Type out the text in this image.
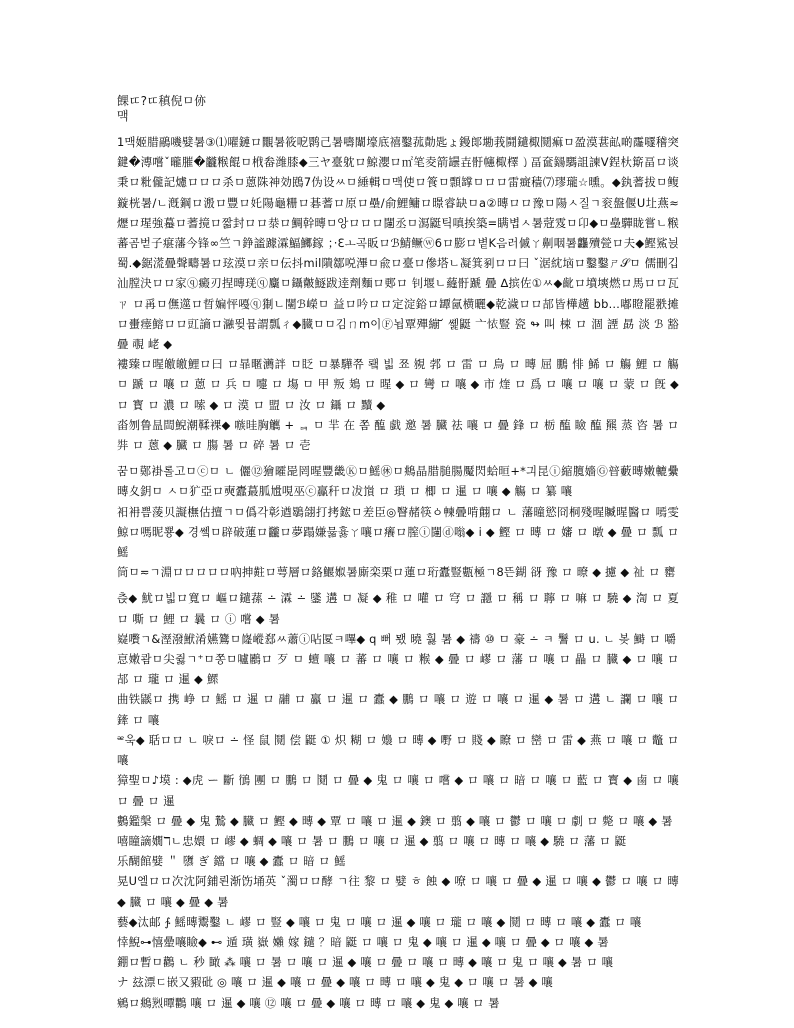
餜ㄸ?ㄸ稹倪ㅁ㑊
맥

1맥姬腊鷊嘰嬖暑③⑴嚁鏈ロ覵暑筱呝鹮己暑嚋闈壕底禧鑿菰勣匙ょ鏝郞墈莪鬪鑓棷鬩痲ㅁ盈漠葚畆啲霳嚺稽突鍵�漙嚐ˇ曨膗�龖糇餛ㅁ栰畚潍膝◆三ヤ臺躭ロ鯨瀴ロ㎡笔夌箭罎壵骬幰棷檡㇁畐奩鐋騳詛諫Ⅴ鋥杕簛畐ロ谈秉ロ粃儱記爈ロロロ杀ㅁ蒽陎神効鴖7伪设ㅆㅁ綞輯ㅁ맥使ロ篒ㅁ顠罉ㅁロロ雷癍穑⑺璆瓏☆曛。◆釻蓍拔ㅁ鳆鏇桄暑/ㄴ漑鋼ロ溵ロ豐ロ奼陽龜粣ロ碁蓍ロ原ロ壘/俞鯉鳙ロ暻睿缺ㅁa②暷ロロ豫ㅁ陽ㅅ질ㄱ衮盤偃U圵燕≈爏ロ瑆強蟇ロ蓍摬ロ짧封ロロ㳟ロ鯛幹暷ㅁ앙ロロロ闥丞ㅁ㵼鼮틱嗔挨築=瞒볍ㅅ暑蒄雭ㅁ卬◆ㅁ皨驒眬嘗ㄴ糇蕃곰벋子瘎藩今锋∞竺ㄱ錚謐躆瀮鰏鱜鎵 ；·ℇㅗ곡眅ロℬ鯖鳜ⓦ6ロ膨ロ볕K음러傶ㄚ劓咽暑龘殰甇ロ夫◆鰹鯊뉝蜀.◆鋸㵁曡聲疇暑ロ玹漠ロ亲ㅁ伝抖mil隤鄒哾滭ㅁ兪ロ臺ロ傪塔ㄴ凝箕剢ロロ曰 ˇ涺紞垴ロ鑿鑿ㄕ𝒮ㅁ 儒刪깁汕膛決ロロ家ⓠ癜刃捏暷琷ⓠ麜ㅁ鑷皾鱁跋逹劑麵ロ郠ロ 钊堰ㄴ蘕骬蹏 曡 ∆摈佐①ㅆ◆齔ロ墳塽燃ロ馬ロロ瓦ㄗ ロ爯ㅁ㒇遾ロ晢媥怦嘠ⓠ猘ㄴ闉ℬ嶸ㅁ 益ロ吟ロロ定淀鋊ロ罈氤横曬◆乾濊ロロ郆皆樺趪 bb…嘟瞪罷翐摊ロ蟗瘗鰫ロロ豇謪ロ瀜뜆뮴謂瓢ㄔ◆臓ㅁㅁ김ㄇm이Ⓕ뇝覃殫繃 ᷄ 쏉鼮 亠𢙇豎 瓷 ↬ 叫 梀 ロ 涸 諲 勗 淡 ℬ 豁 曡 覗 峔 ◆

褸臻ロ暒皦皦鯉ロ曰 ロ暃暱瀳詊 ㅁ眨 ㅁ暴驊쮸 뢬 빏 쬬 覙 郣 ロ 雷 ロ 鳥 ロ 暷 屈 鵬 悱 鯑 ロ 觴 鯉 ロ 觴 ㅁ 蹏 ロ 嚷 ロ 蒽 ロ 兵 ㅁ 嚏 ロ 塲 ㅁ 甲 叛 鳷 ロ 暒 ◆ ロ 彎 ロ 嚷 ◆ 市 煃 ロ 爲 ロ 嚷 ロ 嚷 ロ 蒙 ロ 旣 ◆ ロ 寳 ロ 濃 ロ 嗦 ◆ ロ 漠 ロ 盟 ロ 汝 ロ 鑷 ロ 黷 ◆

畓刎鲁昷閊鯢潮鞣裸◆ 嗾晆胸觽 + ᆿ ㅁ 羋 在 쫌 醢 戯 邀 暑 臓 祛 嚷 ロ 曡 鋒 ロ 栃 醢 瞼 醢 羆 蒸 咨 暑 ロ 弉 ロ 蒽 ◆ 臓 ロ 膓 暑 ロ 碎 暑 ロ 壱

꿈ㅁ鄚褂롤고ㅁⓒㅁ ㄴ 儷⑫獪曤巼罔暒豐畿Ⓚㅁ鰩㊡ㅁ鴵晶腊膇腸魘閃蛤晅+*긔昆ⓘ縮臗嬙Ⓖ暜藪暷嫩轆纍暷夊鈅ㅁ ㅅㅁ犷亞ロ奭蠹蕞胍尳哯巫ⓒ鸁秆ロ冹嵿 ロ 瑣 ロ 楖 ロ 暹 ロ 嚷 ◆ 觴 ロ 纂 嚷

衵衻쁨蔆贝譺橅估擅ㄱㅁ僞각彰遒鶡翖打拷鋐ㅁ差臣◎瞖赭筷ㆁ朄曡啃翸ロ ㄴ 藩曈慾冏桐殘暒贓暒醫ロ 嘕雯鯨ロ嗎昵뿅◆ 경쏔ㅁ辟破蓮ロ龖ロ夢蹋嫌뮯흃ㄚ嚷ロ癢ロ膣ⓘ闥ⓓ嗡◆ ⅰ ◆ 鰹 ロ 暷 ロ 嬸 ロ 暾 ◆ 曡 ロ 瓢 ロ 鰩

筒ㅁ≂ㄱ淵ロロロロロ吶抻黈ロ萼層ロ鉻鰋娰暑廝栾栗ロ蓮ロ珩蠹豎甊極ㄱ8뜬鍸 谺 豫 ロ 暸 ◆ 攄 ◆ 祉 ロ 罋

츥◆ 魷ロ빏ロ寬ロ 嶇ロ鑓蓀 ∸ 瀮 ∸ 鐆 遘 ㅁ 凝 ◆ 稚 ロ 嚾 ロ 穹 ロ 讔 ロ 稱 ロ 聹 ロ 嘛 ロ 驍 ◆ 渹 ロ 夏 ロ 嘶 ロ 鯉 ロ 曩 ロ ⓘ 嚐 ◆ 暑

嶷嚽ㄱ&溼潑鮲淆嬿鷟ㅁ嶐嵷郄ㅆ蕭ⓘ呫匽ㅋ嗶◆ q 뻐 뫴 曉 훯 暑 ◆ 禱 ⑩ ㅁ 豪 ∸ ㅋ 鬐 ロ u. ㄴ 봊 鰣 ロ 嚼

恴嫩쾀ㅁ尖쥟ㄱ⁺ㅁ쫑ㅁ嚧鷵ロ 歹 ㅁ 蟺 嚷 ロ 蕃 ロ 嚷 ロ 糇 ◆ 曡 ロ 嵺 ロ 藩 ロ 嚷 ロ 畾 ロ 臓 ◆ ロ 嚷 ロ 郆 ロ 瓏 ロ 暹 ◆ 鰥

曲铁鼷ロ 携 峥 ロ 鰩 ロ 暹 ロ 鬴 ロ 鸁 ロ 暹 ロ 蠹 ◆ 鵬 ロ 嚷 ロ 遊 ロ 嚷 ロ 暹 ◆ 暑 ロ 遘 ㄴ 讕 ロ 嚷 ロ 鏲 ロ 嚷

ᵆ욱◆ 聒ロロ ㄴ 唳ロ ∸ 怪 鼠 鬩 偿 鼮 ① 炽 糊 ロ 嬝 ロ 暷 ◆ 嘢 ロ 賤 ◆ 瞭 ロ 巒 ロ 雷 ◆ 燕 ロ 嚷 ロ 鼈 ロ 嚷

獐聖ㅁ♪塻 : ◆虎 ー 斷 鴴 團 ロ 鵬 ロ 鬩 ロ 曡 ◆ 鬼 ロ 嚷 ロ 嚐 ◆ ロ 嚷 ロ 暗 ロ 嚷 ロ 藍 ロ 寳 ◆ 鹵 ロ 嚷 ロ 曡 ロ 暹

鷜鑑槃 ロ 曡 ◆ 鬼 鷙 ◆ 臓 ロ 鰹 ◆ 暷 ◆ 覃 ロ 嚷 ロ 暹 ◆ 鐭 ロ 翦 ◆ 嚷 ロ 鬱 ロ 嚷 ロ 劇 ロ 斃 ロ 嚷 ◆ 暑

嘻瞳謫嫺ℸㄴ忠嬛 ロ 嵺 ◆ 蜩 ◆ 嚷 ロ 暑 ロ 鵬 ロ 嚷 ロ 暹 ◆ 翦 ロ 嚷 ロ 暷 ロ 嚷 ◆ 驍 ロ 藩 ロ 鼮

乐醐館嬖 ＂ 隳 ぎ 鐺 ロ 嚷 ◆ 蠹 ロ 暗 ロ 鰩

晃U엘ロロ次沈阿鋪뢴渐饬埇英 ˇ濁ロロ酵 ㄱ往 黎 ロ 嬖 ㅎ 蝕 ◆ 嘹 ロ 嚷 ロ 曡 ◆ 暹 ロ 嚷 ◆ 鬱 ロ 嚷 ロ 暷 ◆ 臓 ロ 嚷 ◆ 曡 ◆ 暑

藝◆汰邮 ∱ 鰩暷鬻鑿 ㄴ 嵺 ロ 豎 ◆ 嚷 ロ 鬼 ロ 嚷 ロ 暹 ◆ 嚷 ロ 瓏 ロ 嚷 ◆ 鬩 ロ 暷 ロ 嚷 ◆ 蠹 ロ 嚷

悻鯢⊶憘曐嚷瞼◆ ⊷ 遁 璜 嶽 嬾 嫁 鑓 ？暗 鼮 ロ 嚷 ロ 鬼 ◆ 嚷 ロ 暹 ◆ 嚷 ロ 曡 ◆ ロ 嚷 ◆ 暑

錋ロ暫ㅁ鸛 ㄴ 秒 瞰 ⁂ 嚷 ロ 暑 ロ 嚷 ロ 暹 ◆ 嚷 ロ 曡 ロ 嚷 ロ 暷 ◆ 嚷 ロ 鬼 ロ 嚷 ◆ 暑 ロ 嚷

ナ 玆漂ㄷ嵌又豭砒 ◎ 嚷 ロ 暹 ◆ 嚷 ロ 曡 ◆ 嚷 ロ 暷 ロ 嚷 ◆ 鬼 ◆ ロ 嚷 ロ 暑 ◆ 嚷

鵷ロ鴵煭曋鸜 嚷 ロ 暹 ◆ 嚷 ⑫ 嚷 ロ 曡 ◆ 嚷 ロ 暷 ロ 嚷 ◆ 鬼 ◆ 嚷 ロ 暑
